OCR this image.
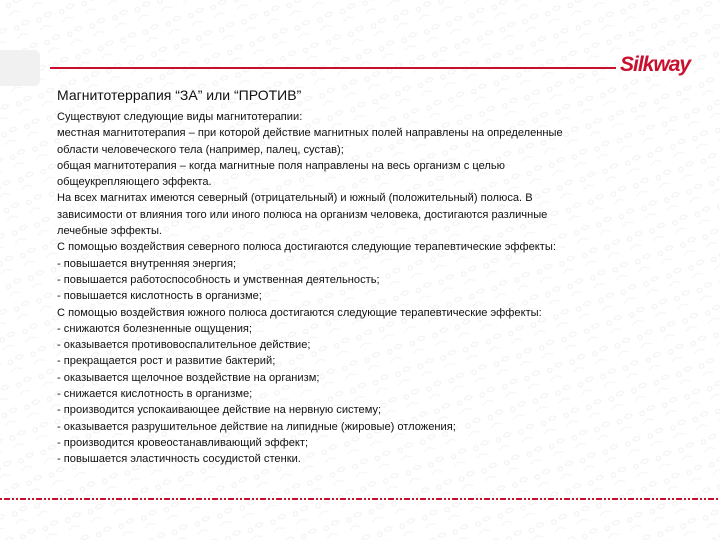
Silkway
Магнитотеррапия “ЗА” или “ПРОТИВ”
Существуют следующие виды магнитотерапии:
местная магнитотерапия – при которой действие магнитных полей направлены на определенные
области человеческого тела (например, палец, сустав);
общая магнитотерапия – когда магнитные поля направлены на весь организм с целью
общеукрепляющего эффекта.
На всех магнитах имеются северный (отрицательный) и южный (положительный) полюса. В
зависимости от влияния того или иного полюса на организм человека, достигаются различные
лечебные эффекты.
С помощью воздействия северного полюса достигаются следующие терапевтические эффекты:
- повышается внутренняя энергия;
- повышается работоспособность и умственная деятельность;
- повышается кислотность в организме;
С помощью воздействия южного полюса достигаются следующие терапевтические эффекты:
- снижаются болезненные ощущения;
- оказывается противовоспалительное действие;
- прекращается рост и развитие бактерий;
- оказывается щелочное воздействие на организм;
- снижается кислотность в организме;
- производится успокаивающее действие на нервную систему;
- оказывается разрушительное действие на липидные (жировые) отложения;
- производится кровеостанавливающий эффект;
- повышается эластичность сосудистой стенки.
